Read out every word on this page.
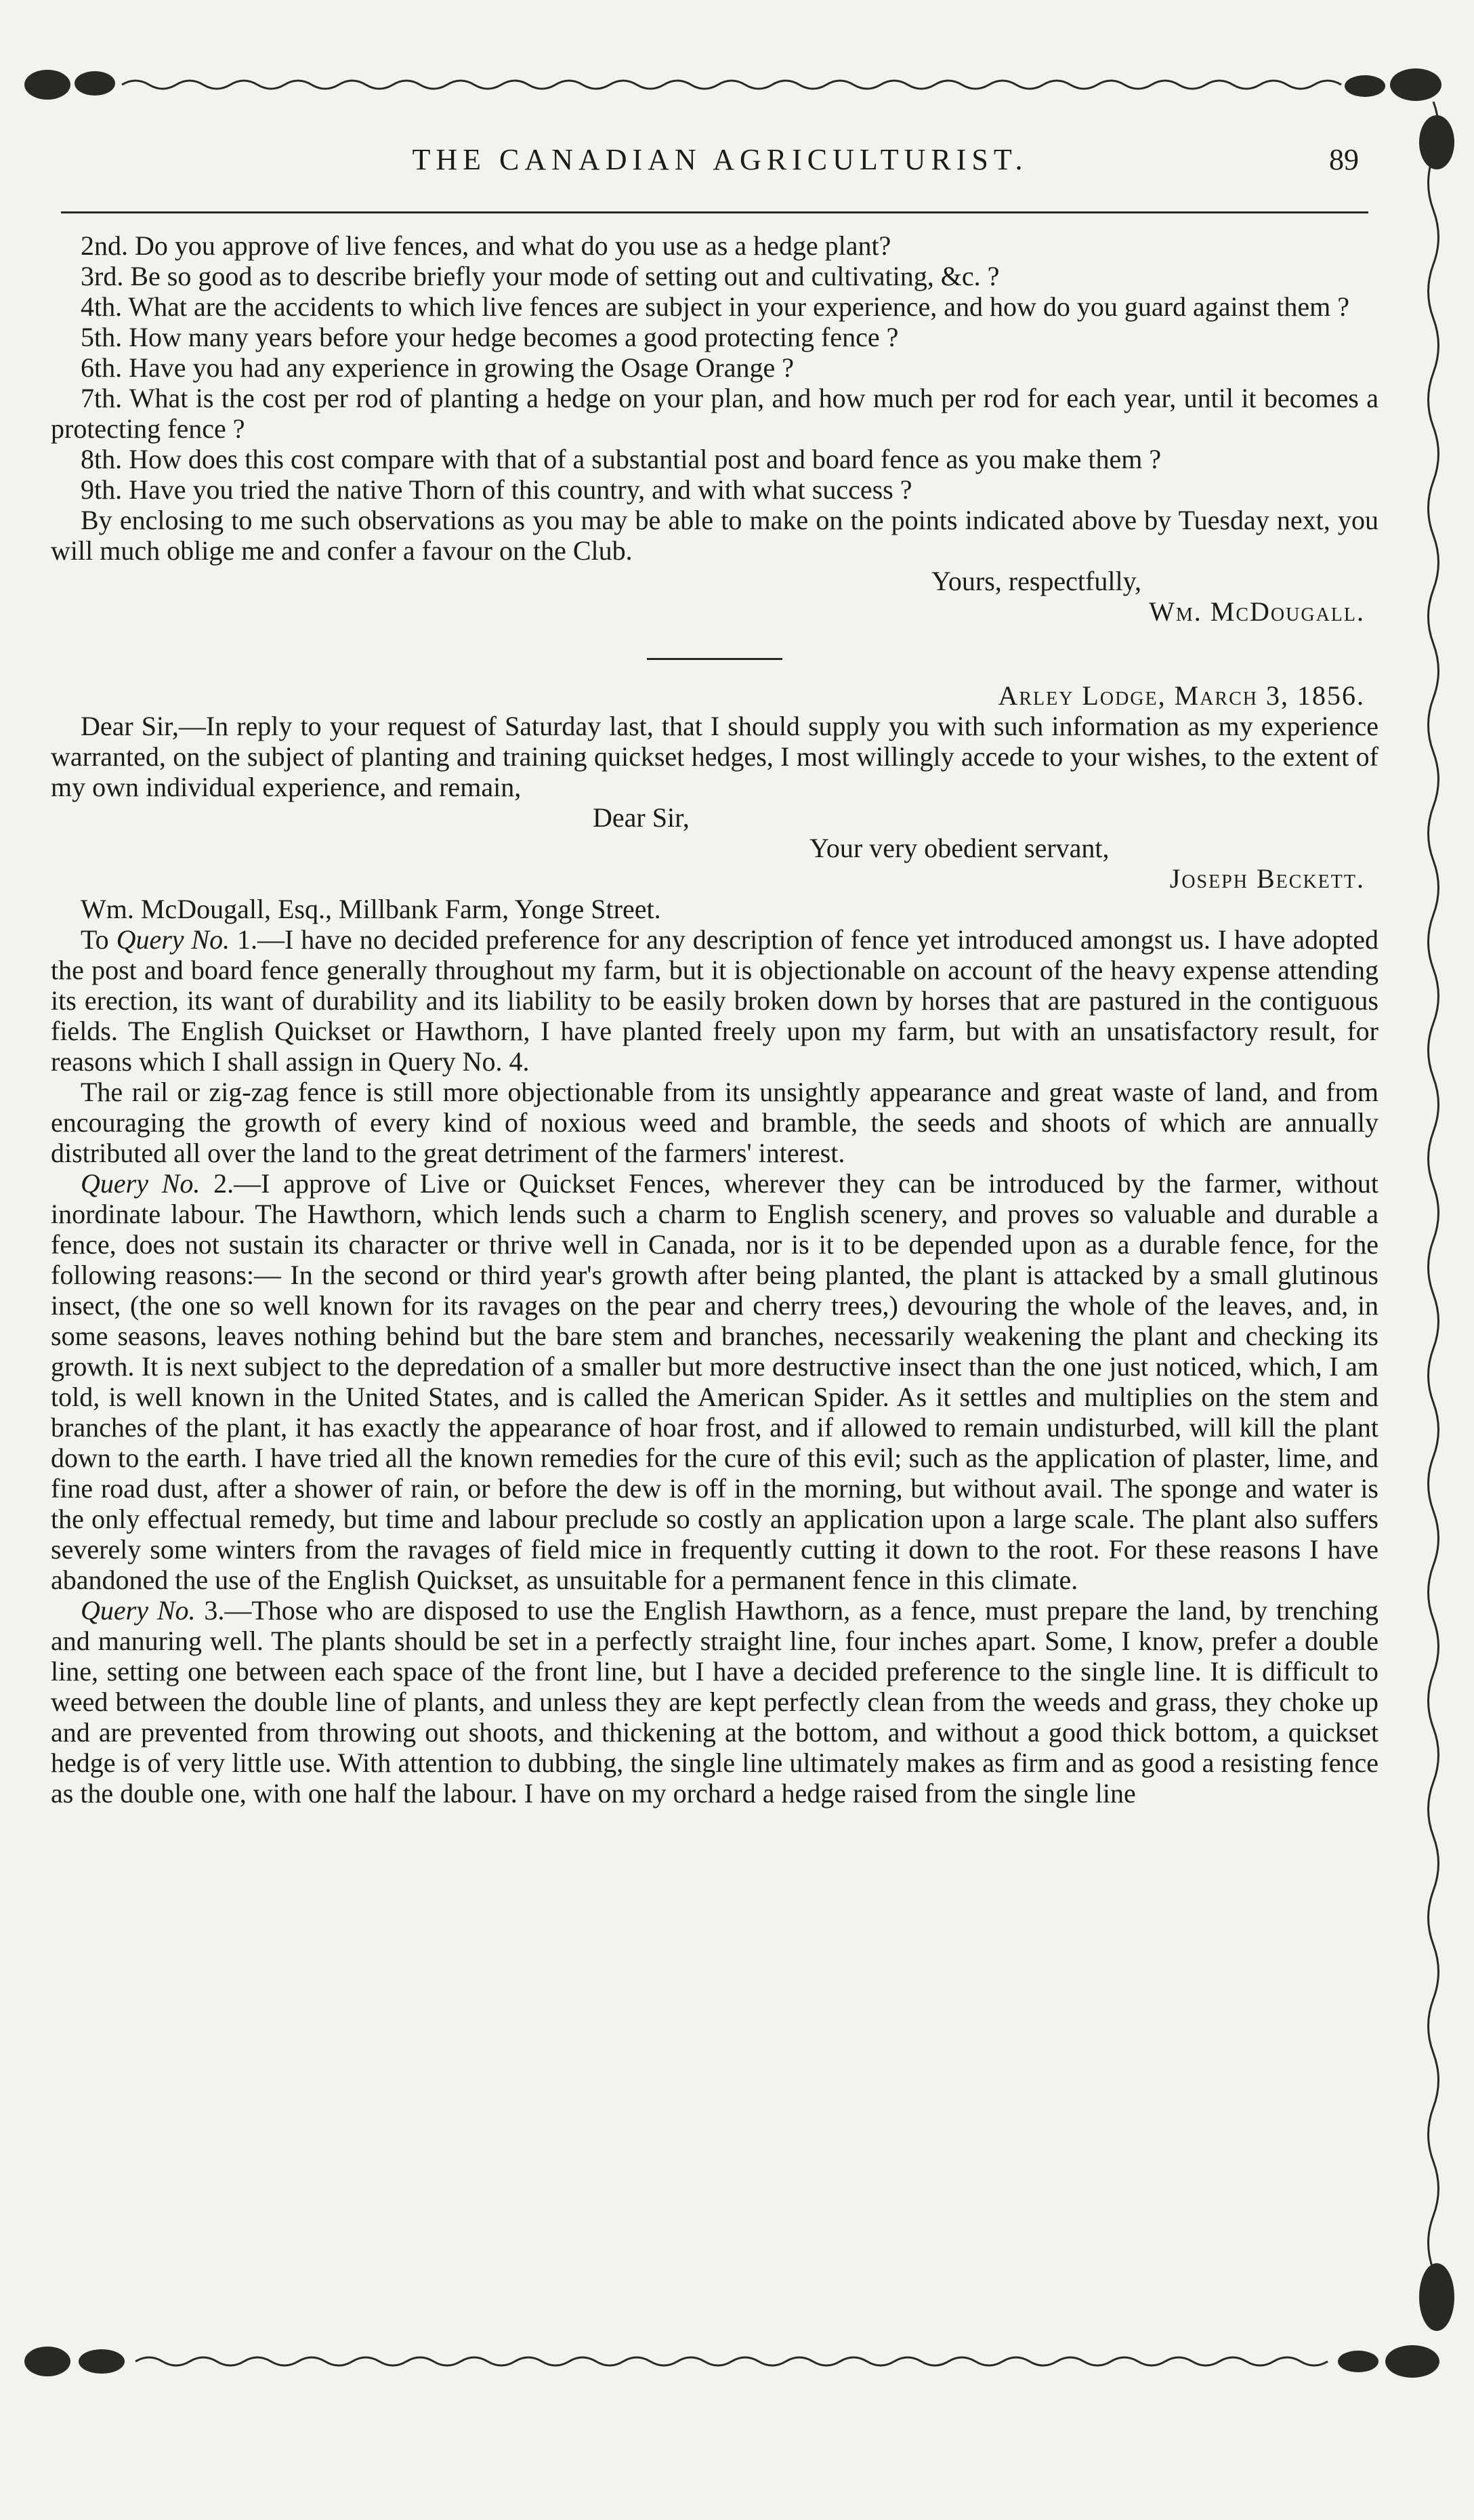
THE CANADIAN AGRICULTURIST.	89

2nd. Do you approve of live fences, and what do you use as a hedge plant?

3rd. Be so good as to describe briefly your mode of setting out and cultivating, &c. ?

4th. What are the accidents to which live fences are subject in your experience, and how do you guard against them ?

5th. How many years before your hedge becomes a good protecting fence ?

6th. Have you had any experience in growing the Osage Orange ?

7th. What is the cost per rod of planting a hedge on your plan, and how much per rod for each year, until it becomes a protecting fence ?

8th. How does this cost compare with that of a substantial post and board fence as you make them ?

9th. Have you tried the native Thorn of this country, and with what success ?

By enclosing to me such observations as you may be able to make on the points indicated above by Tuesday next, you will much oblige me and confer a favour on the Club.

Yours, respectfully,

Wm. McDougall.

Arley Lodge, March 3, 1856.

Dear Sir,—In reply to your request of Saturday last, that I should supply you with such information as my experience warranted, on the subject of planting and training quickset hedges, I most willingly accede to your wishes, to the extent of my own individual experience, and remain,

Dear Sir,

Your very obedient servant,

Joseph Beckett.

Wm. McDougall, Esq., Millbank Farm, Yonge Street.

To Query No. 1.—I have no decided preference for any description of fence yet introduced amongst us. I have adopted the post and board fence generally throughout my farm, but it is objectionable on account of the heavy expense attending its erection, its want of durability and its liability to be easily broken down by horses that are pastured in the contiguous fields. The English Quickset or Hawthorn, I have planted freely upon my farm, but with an unsatisfactory result, for reasons which I shall assign in Query No. 4.

The rail or zig-zag fence is still more objectionable from its unsightly appearance and great waste of land, and from encouraging the growth of every kind of noxious weed and bramble, the seeds and shoots of which are annually distributed all over the land to the great detriment of the farmers' interest.

Query No. 2.—I approve of Live or Quickset Fences, wherever they can be introduced by the farmer, without inordinate labour. The Hawthorn, which lends such a charm to English scenery, and proves so valuable and durable a fence, does not sustain its character or thrive well in Canada, nor is it to be depended upon as a durable fence, for the following reasons:— In the second or third year's growth after being planted, the plant is attacked by a small glutinous insect, (the one so well known for its ravages on the pear and cherry trees,) devouring the whole of the leaves, and, in some seasons, leaves nothing behind but the bare stem and branches, necessarily weakening the plant and checking its growth. It is next subject to the depredation of a smaller but more destructive insect than the one just noticed, which, I am told, is well known in the United States, and is called the American Spider. As it settles and multiplies on the stem and branches of the plant, it has exactly the appearance of hoar frost, and if allowed to remain undisturbed, will kill the plant down to the earth. I have tried all the known remedies for the cure of this evil; such as the application of plaster, lime, and fine road dust, after a shower of rain, or before the dew is off in the morning, but without avail. The sponge and water is the only effectual remedy, but time and labour preclude so costly an application upon a large scale. The plant also suffers severely some winters from the ravages of field mice in frequently cutting it down to the root. For these reasons I have abandoned the use of the English Quickset, as unsuitable for a permanent fence in this climate.

Query No. 3.—Those who are disposed to use the English Hawthorn, as a fence, must prepare the land, by trenching and manuring well. The plants should be set in a perfectly straight line, four inches apart. Some, I know, prefer a double line, setting one between each space of the front line, but I have a decided preference to the single line. It is difficult to weed between the double line of plants, and unless they are kept perfectly clean from the weeds and grass, they choke up and are prevented from throwing out shoots, and thickening at the bottom, and without a good thick bottom, a quickset hedge is of very little use. With attention to dubbing, the single line ultimately makes as firm and as good a resisting fence as the double one, with one half the labour. I have on my orchard a hedge raised from the single line
